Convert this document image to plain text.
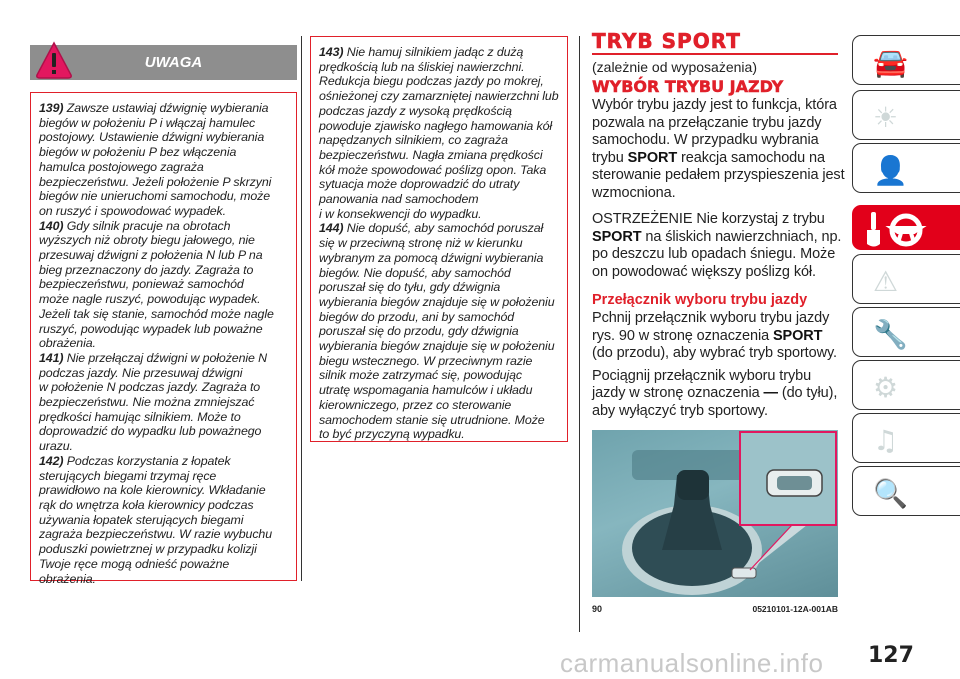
UWAGA
139) Zawsze ustawiaj dźwignię wybierania
biegów w położeniu P i włączaj hamulec
postojowy. Ustawienie dźwigni wybierania
biegów w położeniu P bez włączenia
hamulca postojowego zagraża
bezpieczeństwu. Jeżeli położenie P skrzyni
biegów nie unieruchomi samochodu, może
on ruszyć i spowodować wypadek.
140) Gdy silnik pracuje na obrotach
wyższych niż obroty biegu jałowego, nie
przesuwaj dźwigni z położenia N lub P na
bieg przeznaczony do jazdy. Zagraża to
bezpieczeństwu, ponieważ samochód
może nagle ruszyć, powodując wypadek.
Jeżeli tak się stanie, samochód może nagle
ruszyć, powodując wypadek lub poważne
obrażenia.
141) Nie przełączaj dźwigni w położenie N
podczas jazdy. Nie przesuwaj dźwigni
w położenie N podczas jazdy. Zagraża to
bezpieczeństwu. Nie można zmniejszać
prędkości hamując silnikiem. Może to
doprowadzić do wypadku lub poważnego
urazu.
142) Podczas korzystania z łopatek
sterujących biegami trzymaj ręce
prawidłowo na kole kierownicy. Wkładanie
rąk do wnętrza koła kierownicy podczas
używania łopatek sterujących biegami
zagraża bezpieczeństwu. W razie wybuchu
poduszki powietrznej w przypadku kolizji
Twoje ręce mogą odnieść poważne
obrażenia.
143) Nie hamuj silnikiem jadąc z dużą
prędkością lub na śliskiej nawierzchni.
Redukcja biegu podczas jazdy po mokrej,
ośnieżonej czy zamarzniętej nawierzchni lub
podczas jazdy z wysoką prędkością
powoduje zjawisko nagłego hamowania kół
napędzanych silnikiem, co zagraża
bezpieczeństwu. Nagła zmiana prędkości
kół może spowodować poślizg opon. Taka
sytuacja może doprowadzić do utraty
panowania nad samochodem
i w konsekwencji do wypadku.
144) Nie dopuść, aby samochód poruszał
się w przeciwną stronę niż w kierunku
wybranym za pomocą dźwigni wybierania
biegów. Nie dopuść, aby samochód
poruszał się do tyłu, gdy dźwignia
wybierania biegów znajduje się w położeniu
biegów do przodu, ani by samochód
poruszał się do przodu, gdy dźwignia
wybierania biegów znajduje się w położeniu
biegu wstecznego. W przeciwnym razie
silnik może zatrzymać się, powodując
utratę wspomagania hamulców i układu
kierowniczego, przez co sterowanie
samochodem stanie się utrudnione. Może
to być przyczyną wypadku.
TRYB SPORT
(zależnie od wyposażenia)
WYBÓR TRYBU JAZDY
Wybór trybu jazdy jest to funkcja, która
pozwala na przełączanie trybu jazdy
samochodu. W przypadku wybrania
trybu SPORT reakcja samochodu na
sterowanie pedałem przyspieszenia jest
wzmocniona.
OSTRZEŻENIE Nie korzystaj z trybu
SPORT na śliskich nawierzchniach, np.
po deszczu lub opadach śniegu. Może
on powodować większy poślizg kół.
Przełącznik wyboru trybu jazdy
Pchnij przełącznik wyboru trybu jazdy
rys. 90 w stronę oznaczenia SPORT
(do przodu), aby wybrać tryb sportowy.
Pociągnij przełącznik wyboru trybu
jazdy w stronę oznaczenia — (do tyłu),
aby wyłączyć tryb sportowy.
90	05210101-12A-001AB
🚘
☀
👤
⚠
🔧
⚙
♫
🔍
carmanualsonline.info 127
